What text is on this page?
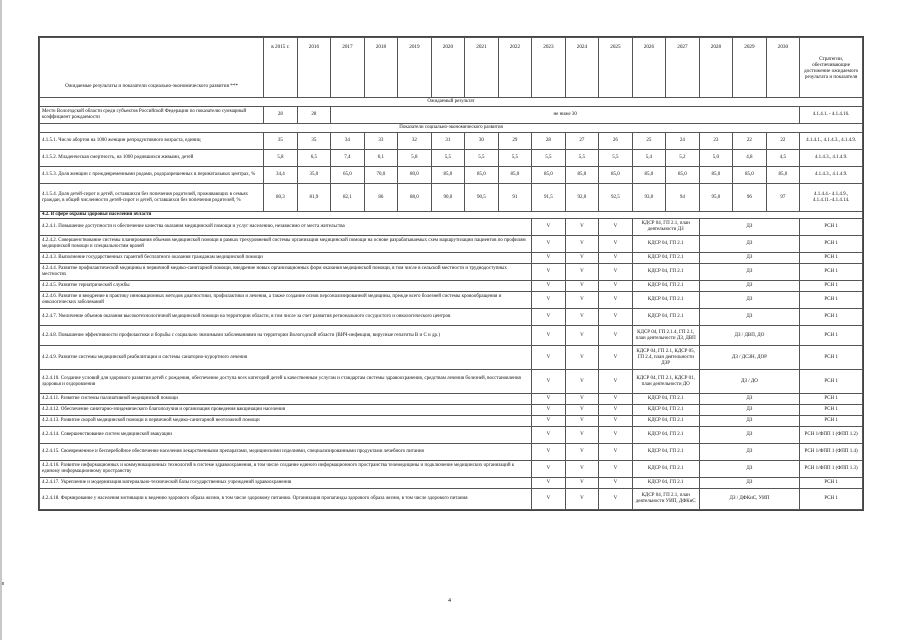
Ожидаемые результаты и показатели социально-экономического развития ***	в 2015 г.	2016	2017	2018	2019	2020	2021	2022	2023	2024	2025	2026	2027	2028	2029	2030	Стратегии, обеспечивающие достижение ожидаемого результата и показателя
Ожидаемый результат																	
Место Вологодской области среди субъектов Российской Федерации по показателю суммарный коэффициент рождаемости	28	28	не ниже 30														4.1.4.1. - 4.1.4.16.
Показатели социально-экономического развития																	
4.1.5.1. Число абортов на 1000 женщин репродуктивного возраста, единиц	35	35	34	33	32	31	30	29	28	27	26	25	24	23	22	22	4.1.4.1., 4.1.4.3., 4.1.4.9.
4.1.5.2. Младенческая смертность, на 1000 родившихся живыми, детей	5,8	6,5	7,4	6,1	5,8	5,5	5,5	5,5	5,5	5,5	5,5	5,4	5,2	5,0	4,8	4,5	4.1.4.3., 4.1.4.9.
4.1.5.3. Доля женщин с преждевременными родами, родоразрешенных в перинатальных центрах, %	34,4	35,0	65,0	70,0	80,0	85,0	85,0	85,0	85,0	85,0	85,0	85,0	85,0	85,0	85,0	85,0	4.1.4.3., 4.1.4.9.
4.1.5.4. Доля детей-сирот и детей, оставшихся без попечения родителей, проживающих в семьях граждан, в общей численности детей-сирот и детей, оставшихся без попечения родителей, %	80,3	81,9	82,1	86	88,0	90,0	90,5	91	91,5	92,0	92,5	93,0	94	95,0	96	97	4.1.4.4.- 4.1.4.9., 4.1.4.11.-4.1.4.14.
4.2. В сфере охраны здоровья населения области																	
4.2.4.1. Повышение доступности и обеспечение качества оказания медицинской помощи и услуг населению, независимо от места жительства									V	V	V	КДСР 04, ГП 2.1, план деятельности ДЗ		ДЗ			РСН 1
4.2.4.2. Совершенствование системы планирования объемов медицинской помощи в рамках трехуровневой системы организации медицинской помощи на основе разрабатываемых схем маршрутизации пациентов по профилям медицинской помощи и специальностям врачей									V	V	V	КДСР 04, ГП 2.1		ДЗ			РСН 1
4.2.4.3. Выполнение государственных гарантий бесплатного оказания гражданам медицинской помощи									V	V	V	КДСР 04, ГП 2.1		ДЗ			РСН 1
4.2.4.4. Развитие профилактической медицины в первичной медико-санитарной помощи, внедрение новых организационных форм оказания медицинской помощи, в том числе в сельской местности и труднодоступных местностях									V	V	V	КДСР 04, ГП 2.1		ДЗ			РСН 1
4.2.4.5. Развитие гериатрической службы									V	V	V	КДСР 04, ГП 2.1		ДЗ			РСН 1
4.2.4.6. Развитие и внедрение в практику инновационных методов диагностики, профилактики и лечения, а также создание основ персонализированной медицины, прежде всего болезней системы кровообращения и онкологических заболеваний									V	V	V	КДСР 04, ГП 2.1		ДЗ			РСН 1
4.2.4.7. Увеличение объемов оказания высокотехнологичной медицинской помощи на территории области, в том числе за счет развития регионального сосудистого и онкологического центров									V	V	V	КДСР 04, ГП 2.1		ДЗ			РСН 1
4.2.4.8. Повышение эффективности профилактики и борьбы с социально значимыми заболеваниями на территории Вологодской области (ВИЧ-инфекция, вирусные гепатиты В и С и др.)									V	V	V	КДСР 04, ГП 2.1.4, ГП 2.1, план деятельности ДЗ, ДВП		ДЗ / ДВП, ДО			РСН 1
4.2.4.9. Развитие системы медицинской реабилитации и системы санаторно-курортного лечения									V	V	V	КДСР 04, ГП 2.1, КДСР 05, ГП 2.4, план деятельности ДЗР		ДЗ / ДСЗН, ДОР			РСН 1
4.2.4.10. Создание условий для здорового развития детей с рождения, обеспечение доступа всех категорий детей к качественным услугам и стандартам системы здравоохранения, средствам лечения болезней, восстановления здоровья и оздоровления									V	V	V	КДСР 04, ГП 2.1, КДСР 01, план деятельности ДО		ДЗ / ДО			РСН 1
4.2.4.11. Развитие системы паллиативной медицинской помощи									V	V	V	КДСР 04, ГП 2.1		ДЗ			РСН 1
4.2.4.12. Обеспечение санитарно-эпидемического благополучия и организация проведения вакцинации населения									V	V	V	КДСР 04, ГП 2.1		ДЗ			РСН 1
4.2.4.13. Развитие скорой медицинской помощи и первичной медико-санитарной неотложной помощи									V	V	V	КДСР 04, ГП 2.1		ДЗ			РСН 1
4.2.4.14. Совершенствование систем медицинской эвакуации									V	V	V	КДСР 04, ГП 2.1		ДЗ			РСН 1/ФПП 1 (ФПП 1.2)
4.2.4.15. Своевременное и бесперебойное обеспечение населения лекарственными препаратами, медицинскими изделиями, специализированными продуктами лечебного питания									V	V	V	КДСР 04, ГП 2.1		ДЗ			РСН 1/ФПП 1 (ФПП 1.4)
4.2.4.16. Развитие информационных и коммуникационных технологий в системе здравоохранения, в том числе создание единого информационного пространства телемедицины и подключение медицинских организаций к единому информационному пространству									V	V	V	КДСР 04, ГП 2.1		ДЗ			РСН 1/ФПП 1 (ФПП 1.3)
4.2.4.17. Укрепление и модернизация материально-технической базы государственных учреждений здравоохранения									V	V	V	КДСР 04, ГП 2.1		ДЗ			РСН 1
4.2.4.18. Формирование у населения мотивации к ведению здорового образа жизни, в том числе здоровому питанию. Организация пропаганды здорового образа жизни, в том числе здорового питания									V	V	V	КДСР 04, ГП 2.1, план деятельности УИП, ДФКиС		ДЗ / ДФКиС, УИП			РСН 1
4
